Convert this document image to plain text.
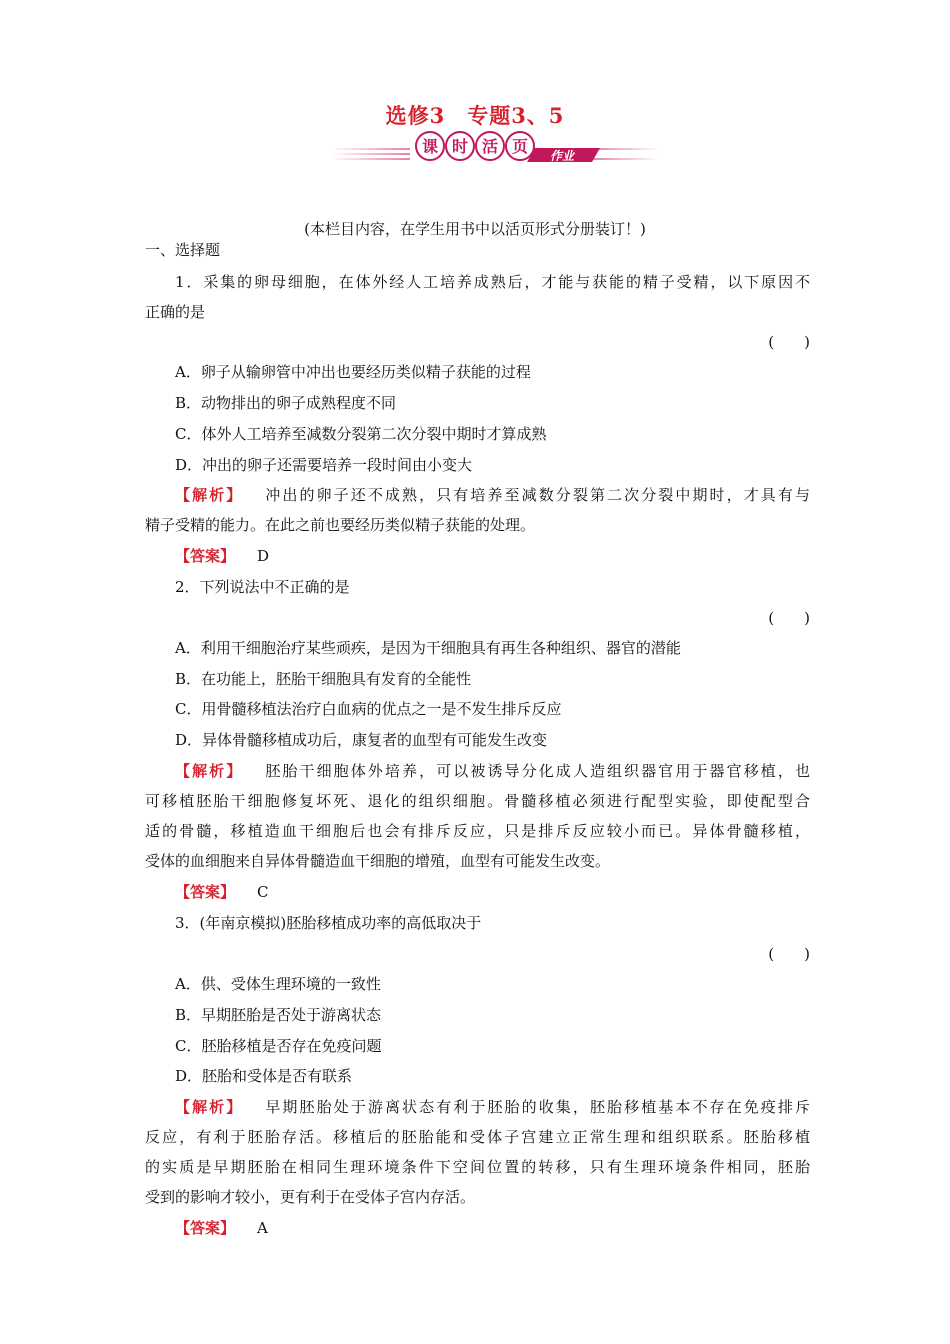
选修3　专题3、5
课 时 活 页 作业
(本栏目内容，在学生用书中以活页形式分册装订！)
一、选择题
1．采集的卵母细胞，在体外经人工培养成熟后，才能与获能的精子受精，以下原因不
正确的是
(　　)
A．卵子从输卵管中冲出也要经历类似精子获能的过程
B．动物排出的卵子成熟程度不同
C．体外人工培养至减数分裂第二次分裂中期时才算成熟
D．冲出的卵子还需要培养一段时间由小变大
【解析】 冲出的卵子还不成熟，只有培养至减数分裂第二次分裂中期时，才具有与
精子受精的能力。在此之前也要经历类似精子获能的处理。
【答案】 D
2．下列说法中不正确的是
(　　)
A．利用干细胞治疗某些顽疾，是因为干细胞具有再生各种组织、器官的潜能
B．在功能上，胚胎干细胞具有发育的全能性
C．用骨髓移植法治疗白血病的优点之一是不发生排斥反应
D．异体骨髓移植成功后，康复者的血型有可能发生改变
【解析】 胚胎干细胞体外培养，可以被诱导分化成人造组织器官用于器官移植，也
可移植胚胎干细胞修复坏死、退化的组织细胞。骨髓移植必须进行配型实验，即使配型合
适的骨髓，移植造血干细胞后也会有排斥反应，只是排斥反应较小而已。异体骨髓移植，
受体的血细胞来自异体骨髓造血干细胞的增殖，血型有可能发生改变。
【答案】 C
3．(年南京模拟)胚胎移植成功率的高低取决于
(　　)
A．供、受体生理环境的一致性
B．早期胚胎是否处于游离状态
C．胚胎移植是否存在免疫问题
D．胚胎和受体是否有联系
【解析】 早期胚胎处于游离状态有利于胚胎的收集，胚胎移植基本不存在免疫排斥
反应，有利于胚胎存活。移植后的胚胎能和受体子宫建立正常生理和组织联系。胚胎移植
的实质是早期胚胎在相同生理环境条件下空间位置的转移，只有生理环境条件相同，胚胎
受到的影响才较小，更有利于在受体子宫内存活。
【答案】 A
